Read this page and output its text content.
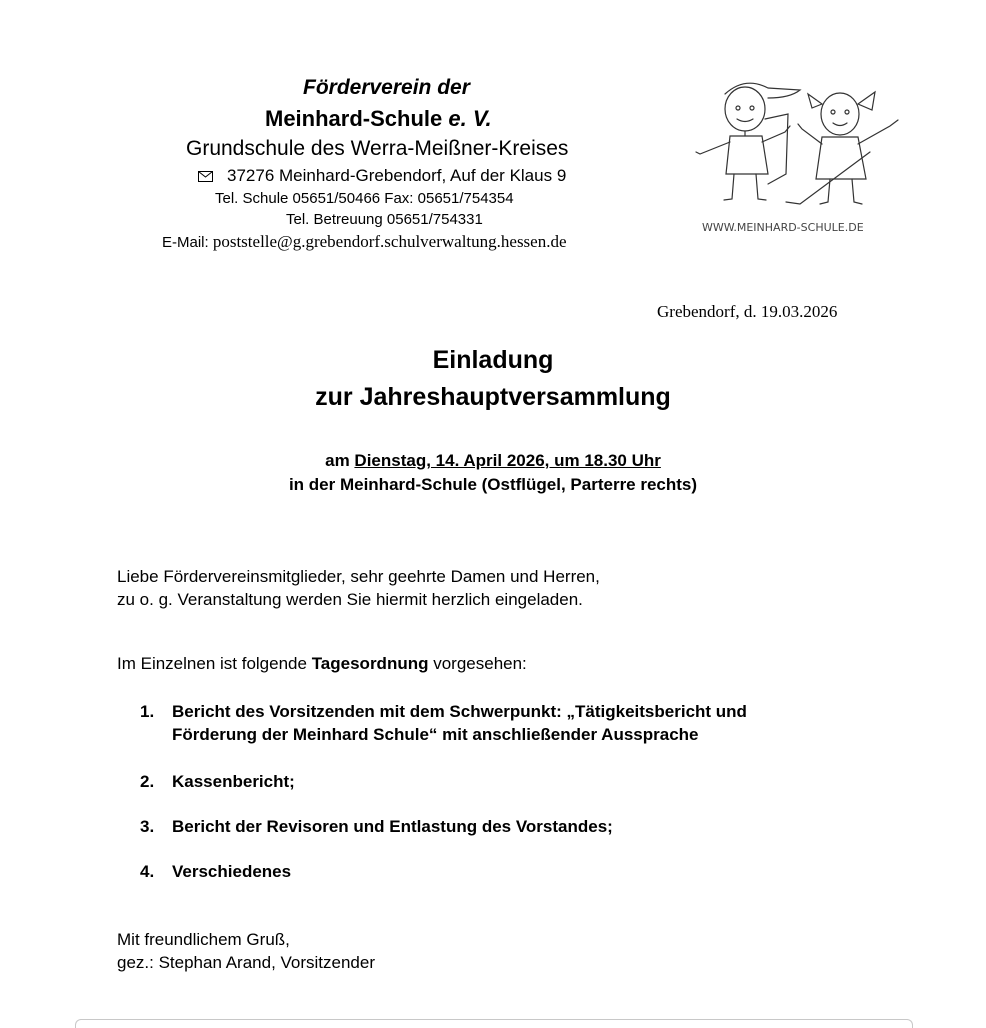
Förderverein der
Meinhard-Schule e. V.
Grundschule des Werra-Meißner-Kreises
37276 Meinhard-Grebendorf, Auf der Klaus 9
Tel. Schule 05651/50466 Fax: 05651/754354
Tel. Betreuung 05651/754331
E-Mail: poststelle@g.grebendorf.schulverwaltung.hessen.de
WWW.MEINHARD-SCHULE.DE
Grebendorf, d. 19.03.2026
Einladung
zur Jahreshauptversammlung
am Dienstag, 14. April 2026, um 18.30 Uhr
in der Meinhard-Schule (Ostflügel, Parterre rechts)
Liebe Fördervereinsmitglieder, sehr geehrte Damen und Herren,
zu o. g. Veranstaltung werden Sie hiermit herzlich eingeladen.
Im Einzelnen ist folgende Tagesordnung vorgesehen:
1. Bericht des Vorsitzenden mit dem Schwerpunkt: „Tätigkeitsbericht und
Förderung der Meinhard Schule“ mit anschließender Aussprache
2. Kassenbericht;
3. Bericht der Revisoren und Entlastung des Vorstandes;
4. Verschiedenes
Mit freundlichem Gruß,
gez.: Stephan Arand, Vorsitzender
